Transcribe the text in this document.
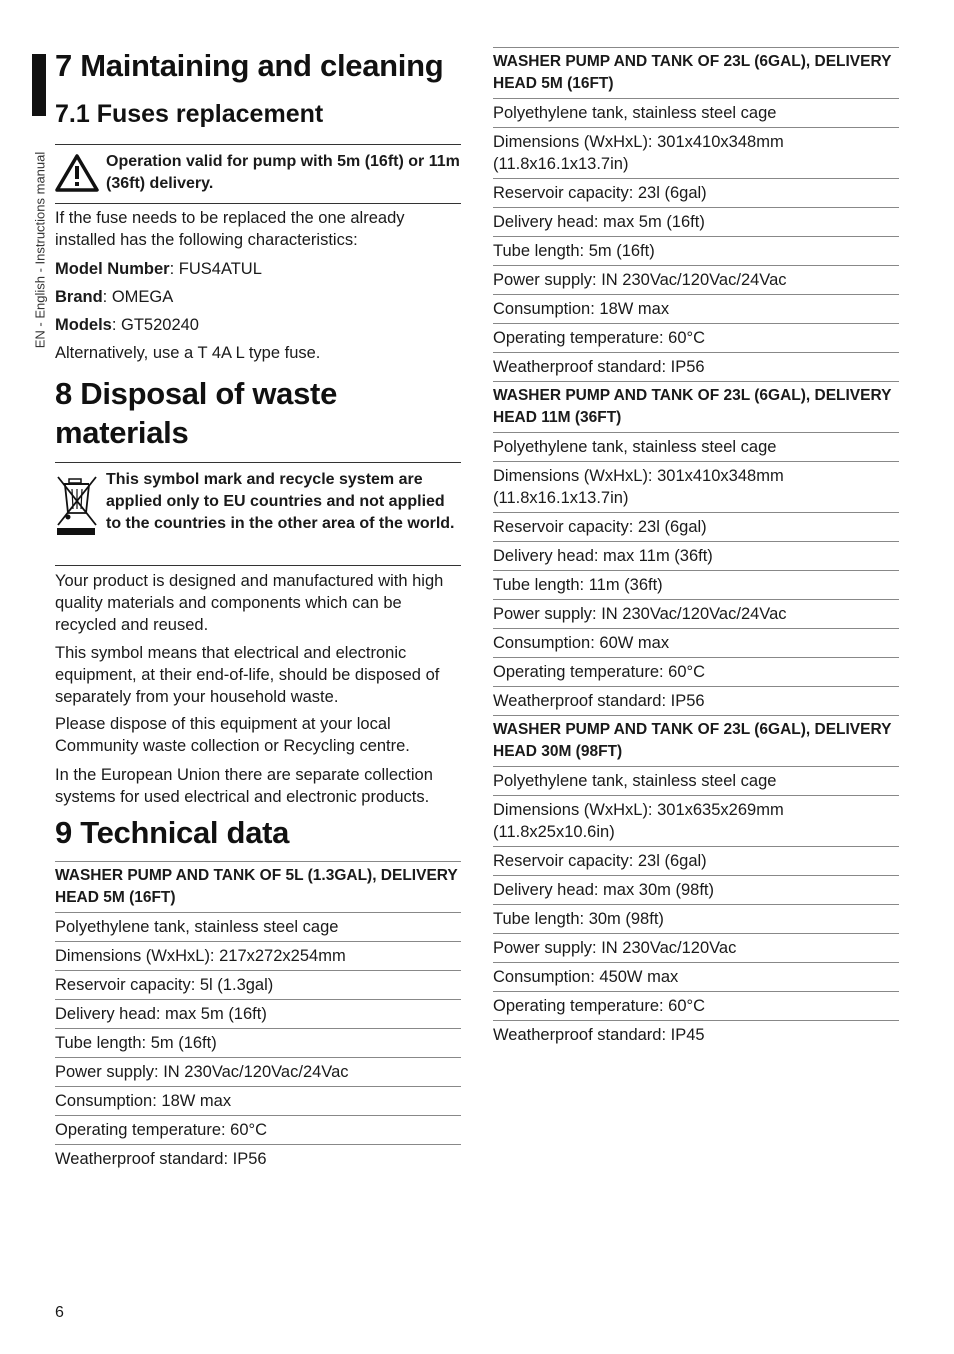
EN - English - Instructions manual
7 Maintaining and cleaning
7.1 Fuses replacement
Operation valid for pump with 5m (16ft) or 11m (36ft) delivery.

If the fuse needs to be replaced the one already installed has the following characteristics:

Model Number: FUS4ATUL

Brand: OMEGA

Models: GT520240

Alternatively, use a T 4A L type fuse.

8 Disposal of waste materials
This symbol mark and recycle system are applied only to EU countries and not applied to the countries in the other area of the world.

Your product is designed and manufactured with high quality materials and components which can be recycled and reused.

This symbol means that electrical and electronic equipment, at their end-of-life, should be disposed of separately from your household waste.

Please dispose of this equipment at your local Community waste collection or Recycling centre.

In the European Union there are separate collection systems for used electrical and electronic products.

9 Technical data
WASHER PUMP AND TANK OF 5L (1.3GAL), DELIVERY HEAD 5M (16FT)
Polyethylene tank, stainless steel cage
Dimensions (WxHxL): 217x272x254mm
Reservoir capacity: 5l (1.3gal)
Delivery head: max 5m (16ft)
Tube length: 5m (16ft)
Power supply: IN 230Vac/120Vac/24Vac
Consumption: 18W max
Operating temperature: 60°C
Weatherproof standard: IP56
WASHER PUMP AND TANK OF 23L (6GAL), DELIVERY HEAD 5M (16FT)
Polyethylene tank, stainless steel cage
Dimensions (WxHxL): 301x410x348mm (11.8x16.1x13.7in)
Reservoir capacity: 23l (6gal)
Delivery head: max 5m (16ft)
Tube length: 5m (16ft)
Power supply: IN 230Vac/120Vac/24Vac
Consumption: 18W max
Operating temperature: 60°C
Weatherproof standard: IP56
WASHER PUMP AND TANK OF 23L (6GAL), DELIVERY HEAD 11M (36FT)
Polyethylene tank, stainless steel cage
Dimensions (WxHxL): 301x410x348mm (11.8x16.1x13.7in)
Reservoir capacity: 23l (6gal)
Delivery head: max 11m (36ft)
Tube length: 11m (36ft)
Power supply: IN 230Vac/120Vac/24Vac
Consumption: 60W max
Operating temperature: 60°C
Weatherproof standard: IP56
WASHER PUMP AND TANK OF 23L (6GAL), DELIVERY HEAD 30M (98FT)
Polyethylene tank, stainless steel cage
Dimensions (WxHxL): 301x635x269mm (11.8x25x10.6in)
Reservoir capacity: 23l (6gal)
Delivery head: max 30m (98ft)
Tube length: 30m (98ft)
Power supply: IN 230Vac/120Vac
Consumption: 450W max
Operating temperature: 60°C
Weatherproof standard: IP45
6
